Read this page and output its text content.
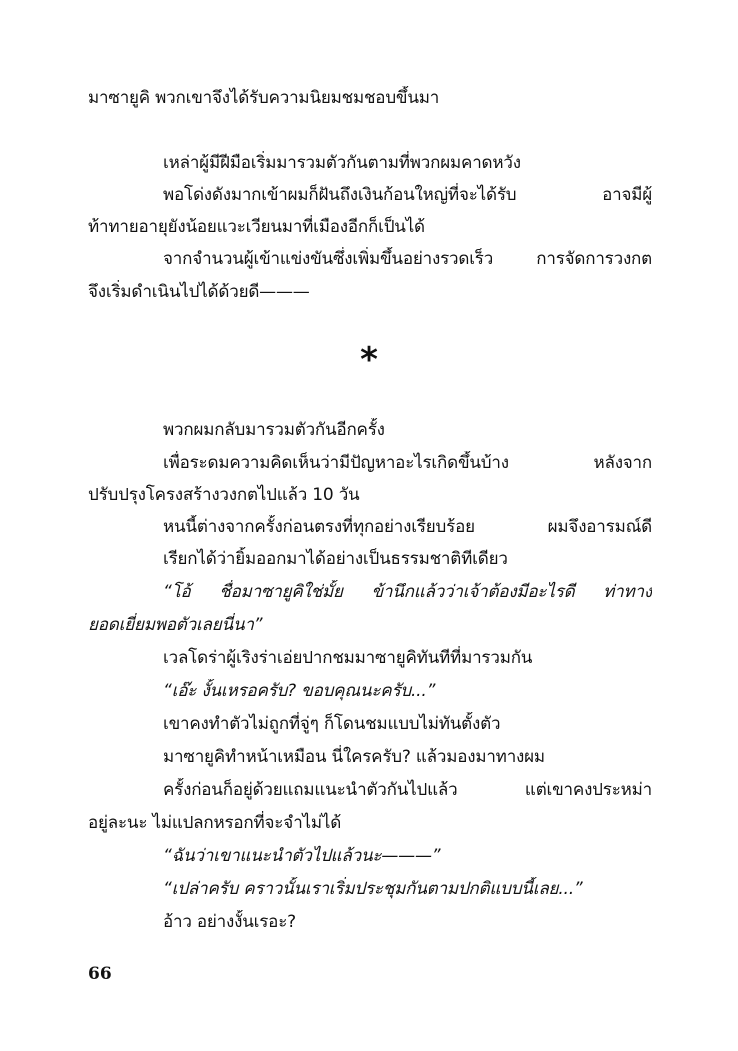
มาซายูคิ พวกเขาจึงได้รับความนิยมชมชอบขึ้นมา
เหล่าผู้มีฝีมือเริ่มมารวมตัวกันตามที่พวกผมคาดหวัง
พอโด่งดังมากเข้าผมก็ฝันถึงเงินก้อนใหญ่ที่จะได้รับ อาจมีผู้
ท้าทายอายุยังน้อยแวะเวียนมาที่เมืองอีกก็เป็นได้
จากจำนวนผู้เข้าแข่งขันซึ่งเพิ่มขึ้นอย่างรวดเร็ว การจัดการวงกต
จึงเริ่มดำเนินไปได้ด้วยดี———
*
พวกผมกลับมารวมตัวกันอีกครั้ง
เพื่อระดมความคิดเห็นว่ามีปัญหาอะไรเกิดขึ้นบ้าง หลังจาก
ปรับปรุงโครงสร้างวงกตไปแล้ว 10 วัน
หนนี้ต่างจากครั้งก่อนตรงที่ทุกอย่างเรียบร้อย ผมจึงอารมณ์ดี
เรียกได้ว่ายิ้มออกมาได้อย่างเป็นธรรมชาติทีเดียว
“โอ้ ชื่อมาซายูคิใช่มั้ย ข้านึกแล้วว่าเจ้าต้องมีอะไรดี ท่าทาง
ยอดเยี่ยมพอตัวเลยนี่นา”
เวลโดร่าผู้เริงร่าเอ่ยปากชมมาซายูคิทันทีที่มารวมกัน
“เอ๊ะ งั้นเหรอครับ? ขอบคุณนะครับ...”
เขาคงทำตัวไม่ถูกที่จู่ๆ ก็โดนชมแบบไม่ทันตั้งตัว
มาซายูคิทำหน้าเหมือน นี่ใครครับ? แล้วมองมาทางผม
ครั้งก่อนก็อยู่ด้วยแถมแนะนำตัวกันไปแล้ว แต่เขาคงประหม่า
อยู่ละนะ ไม่แปลกหรอกที่จะจำไม่ได้
“ฉันว่าเขาแนะนำตัวไปแล้วนะ———”
“เปล่าครับ คราวนั้นเราเริ่มประชุมกันตามปกติแบบนี้เลย...”
อ้าว อย่างงั้นเรอะ?
66
